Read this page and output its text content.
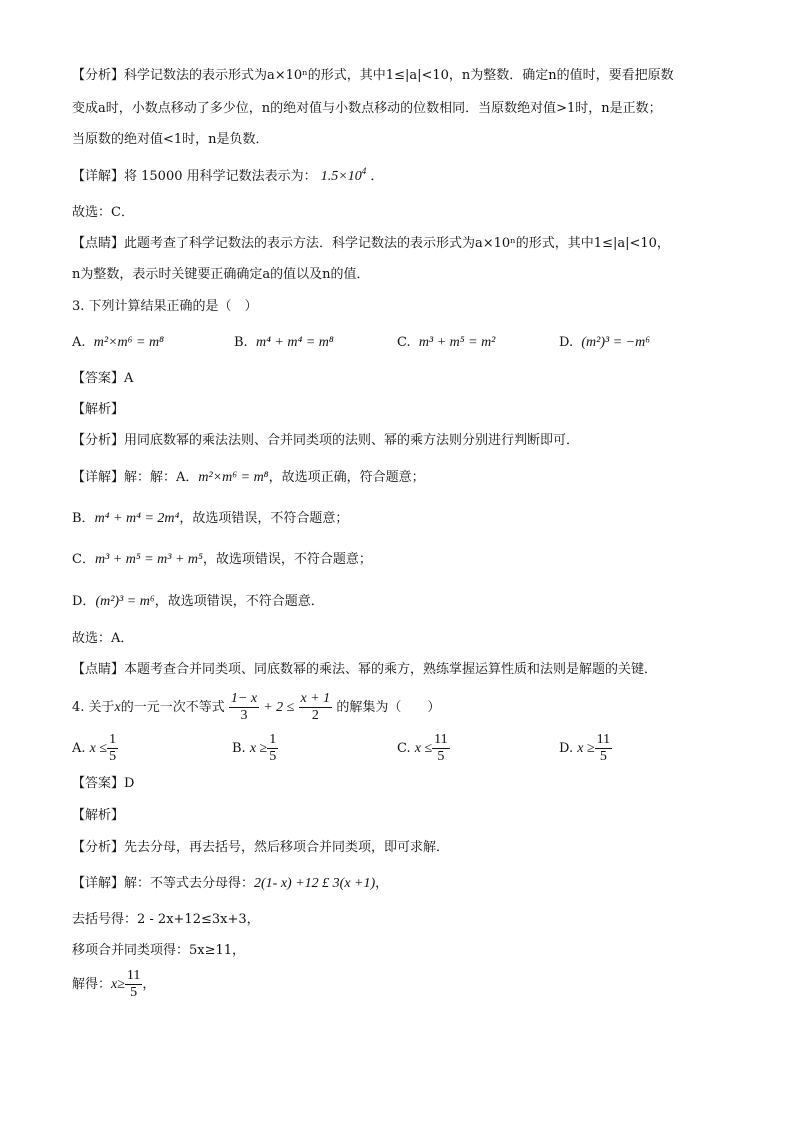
【分析】科学记数法的表示形式为a×10ⁿ的形式，其中1≤|a|<10，n为整数．确定n的值时，要看把原数
变成a时，小数点移动了多少位，n的绝对值与小数点移动的位数相同．当原数绝对值>1时，n是正数；
当原数的绝对值<1时，n是负数．
【详解】将 15000 用科学记数法表示为： $1.5\times 10^4$ ．
故选：C．
【点睛】此题考查了科学记数法的表示方法．科学记数法的表示形式为a×10ⁿ的形式，其中1≤|a|<10，
n为整数，表示时关键要正确确定a的值以及n的值．
3. 下列计算结果正确的是（　）
A. m²×m⁶ = m⁸	B. m⁴ + m⁴ = m⁸	C. m³ + m⁵ = m²	D. (m²)³ = −m⁶
【答案】A
【解析】
【分析】用同底数幂的乘法法则、合并同类项的法则、幂的乘方法则分别进行判断即可．
【详解】解：解：A．m²×m⁶ = m⁸，故选项正确，符合题意；
B．m⁴ + m⁴ = 2m⁴，故选项错误，不符合题意；
C．m³ + m⁵ = m³ + m⁵，故选项错误，不符合题意；
D．(m²)³ = m⁶，故选项错误，不符合题意．
故选：A．
【点睛】本题考查合并同类项、同底数幂的乘法、幂的乘方，熟练掌握运算性质和法则是解题的关键．
4. 关于x的一元一次不等式 $\frac{1- x}{3} + 2 \le \frac{x + 1}{2}$ 的解集为（　　）
A. $x \le \frac{1}{5}$	B. $x \ge \frac{1}{5}$	C. $x \le \frac{11}{5}$	D. $x \ge \frac{11}{5}$
【答案】D
【解析】
【分析】先去分母，再去括号，然后移项合并同类项，即可求解．
【详解】解：不等式去分母得：2(1- x) +12 £ 3(x +1)，
去括号得：2 - 2x+12≤3x+3，
移项合并同类项得：5x≥11，
解得：$x\ge \frac{11}{5}$ ，
